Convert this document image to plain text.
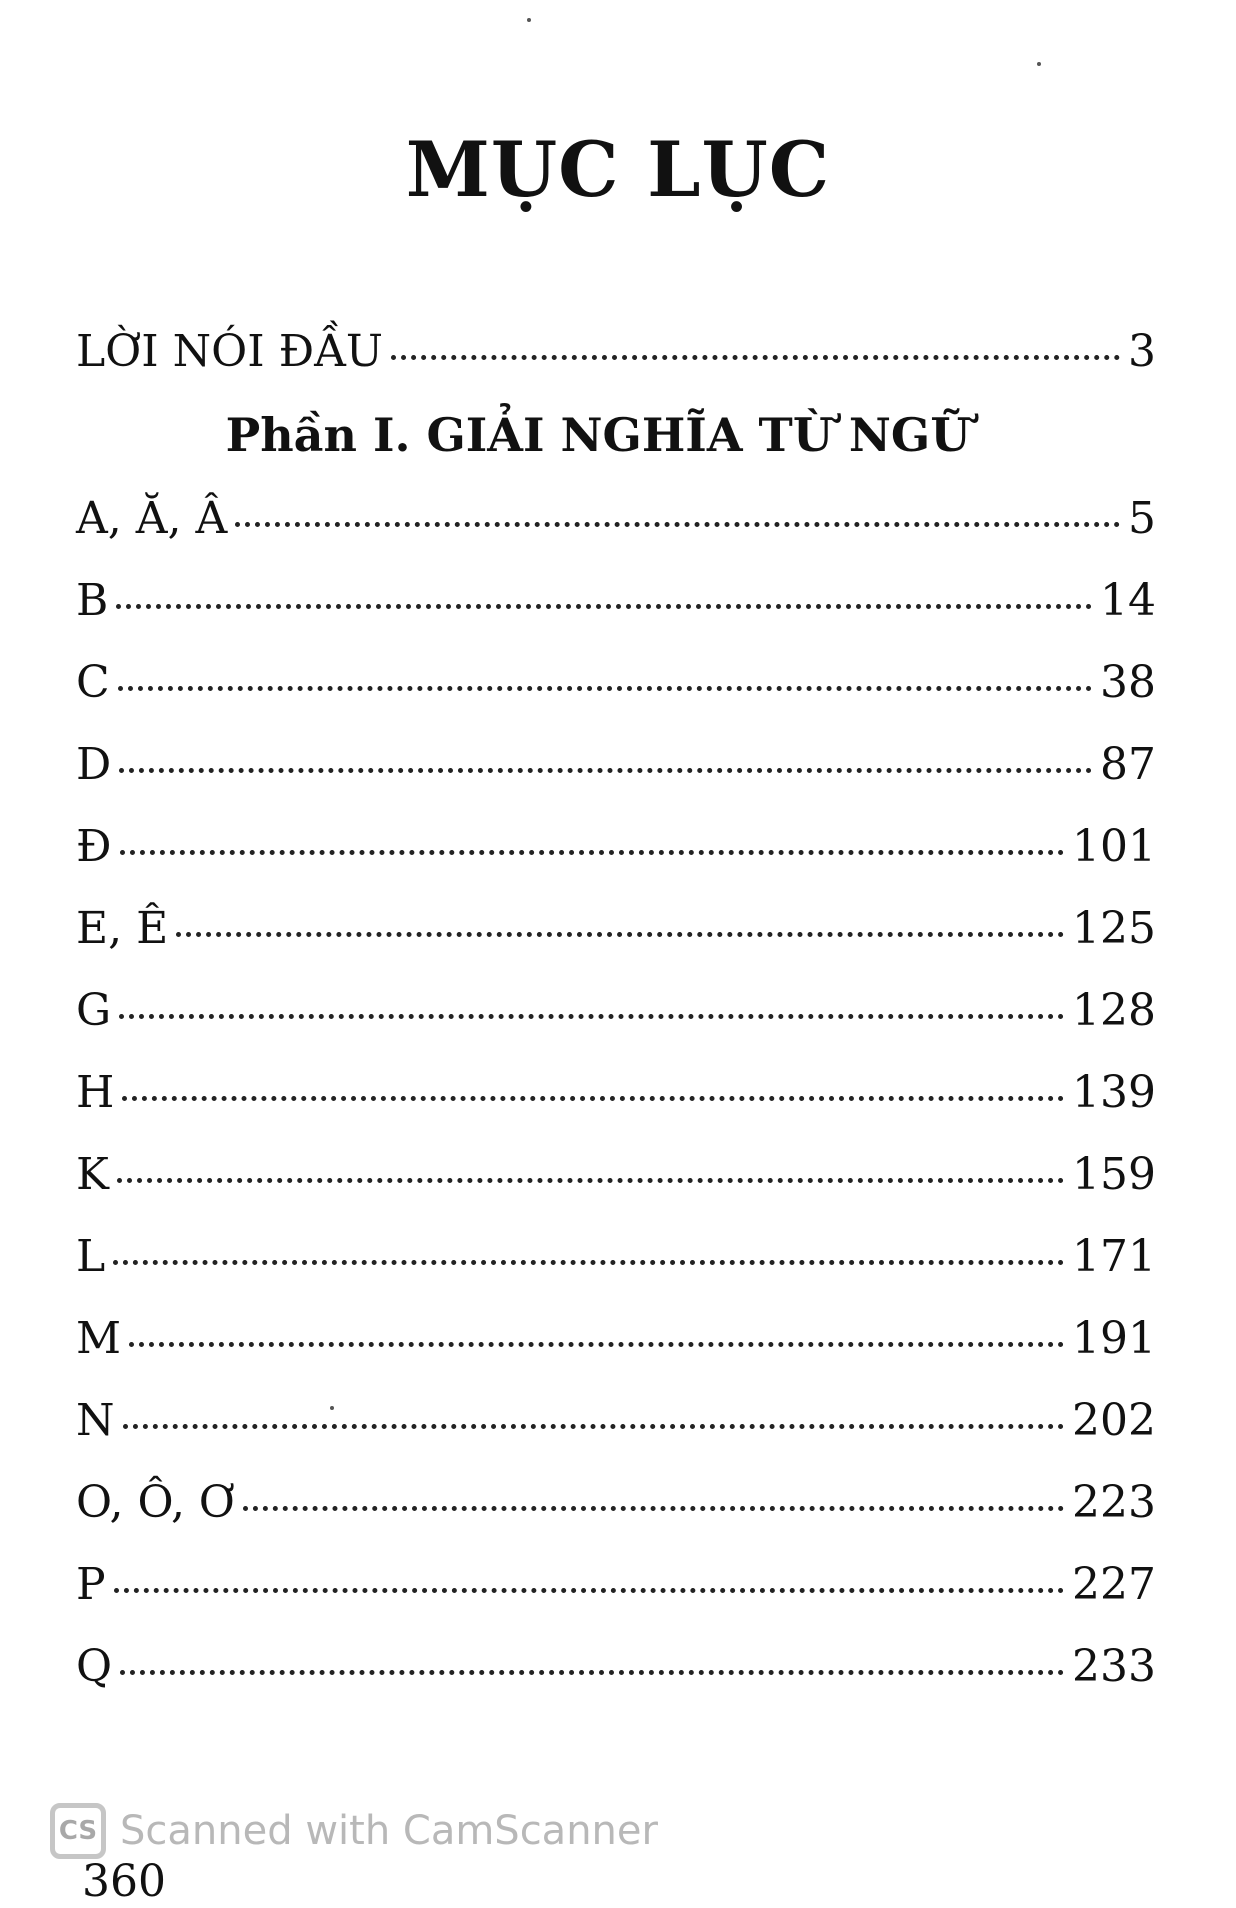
MỤC LỤC
LỜI NÓI ĐẦU	3
Phần I. GIẢI NGHĨA TỪ NGỮ
A, Ă, Â	5
B	14
C	38
D	87
Đ	101
E, Ê	125
G	128
H	139
K	159
L	171
M	191
N	202
O, Ô, Ơ	223
P	227
Q	233
360
CS Scanned with CamScanner
